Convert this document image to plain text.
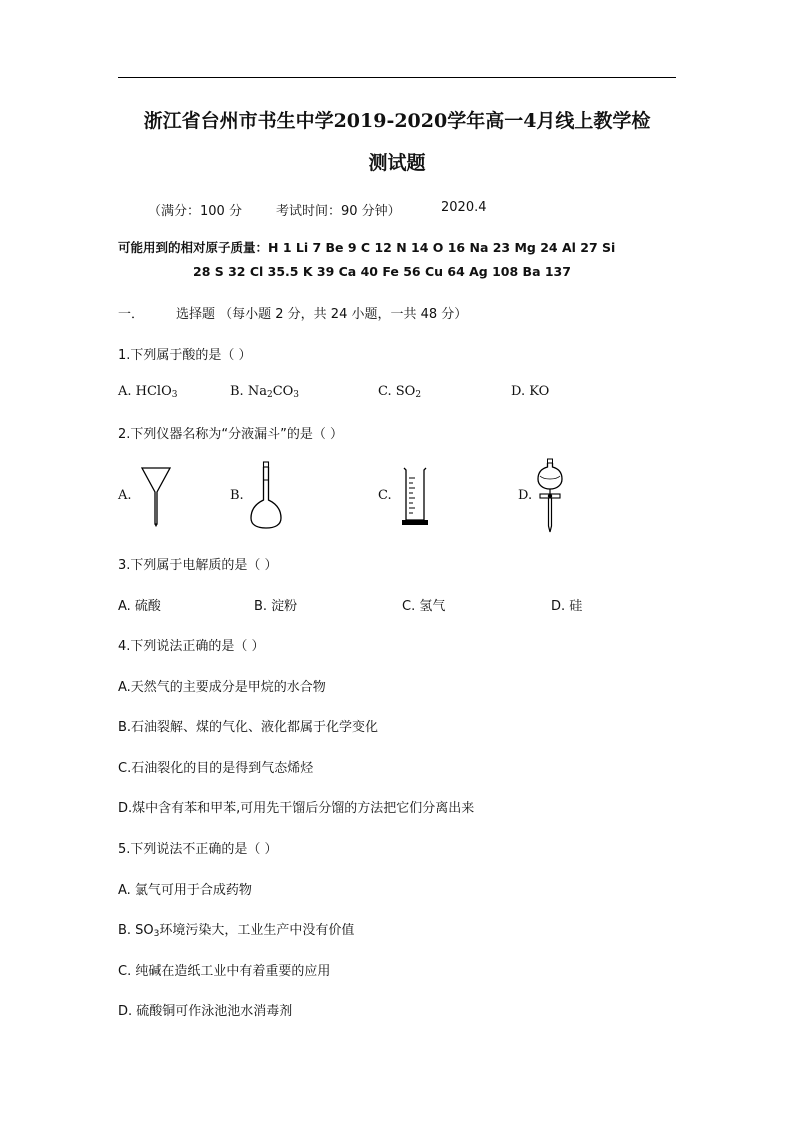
浙江省台州市书生中学2019-2020学年高一4月线上教学检
测试题
（满分：100 分	考试时间：90 分钟）	2020.4
可能用到的相对原子质量：H 1 Li 7 Be 9 C 12 N 14 O 16 Na 23 Mg 24 Al 27 Si
28 S 32 Cl 35.5 K 39 Ca 40 Fe 56 Cu 64 Ag 108 Ba 137
一． 选择题 （每小题 2 分，共 24 小题，一共 48 分）
1.下列属于酸的是（ ）
A. HClO$_3$	B. $Na_2CO_3$	C. $SO_2$	D. KO
2.下列仪器名称为“分液漏斗”的是（ ）
A.	B.	C.	D.
3.下列属于电解质的是（ ）
A. 硫酸	B. 淀粉	C. 氢气	D. 硅
4.下列说法正确的是（ ）
A.天然气的主要成分是甲烷的水合物
B.石油裂解、煤的气化、液化都属于化学变化
C.石油裂化的目的是得到气态烯烃
D.煤中含有苯和甲苯,可用先干馏后分馏的方法把它们分离出来
5.下列说法不正确的是（ ）
A. 氯气可用于合成药物
B. $SO_3$环境污染大，工业生产中没有价值
C. 纯碱在造纸工业中有着重要的应用
D. 硫酸铜可作泳池池水消毒剂
